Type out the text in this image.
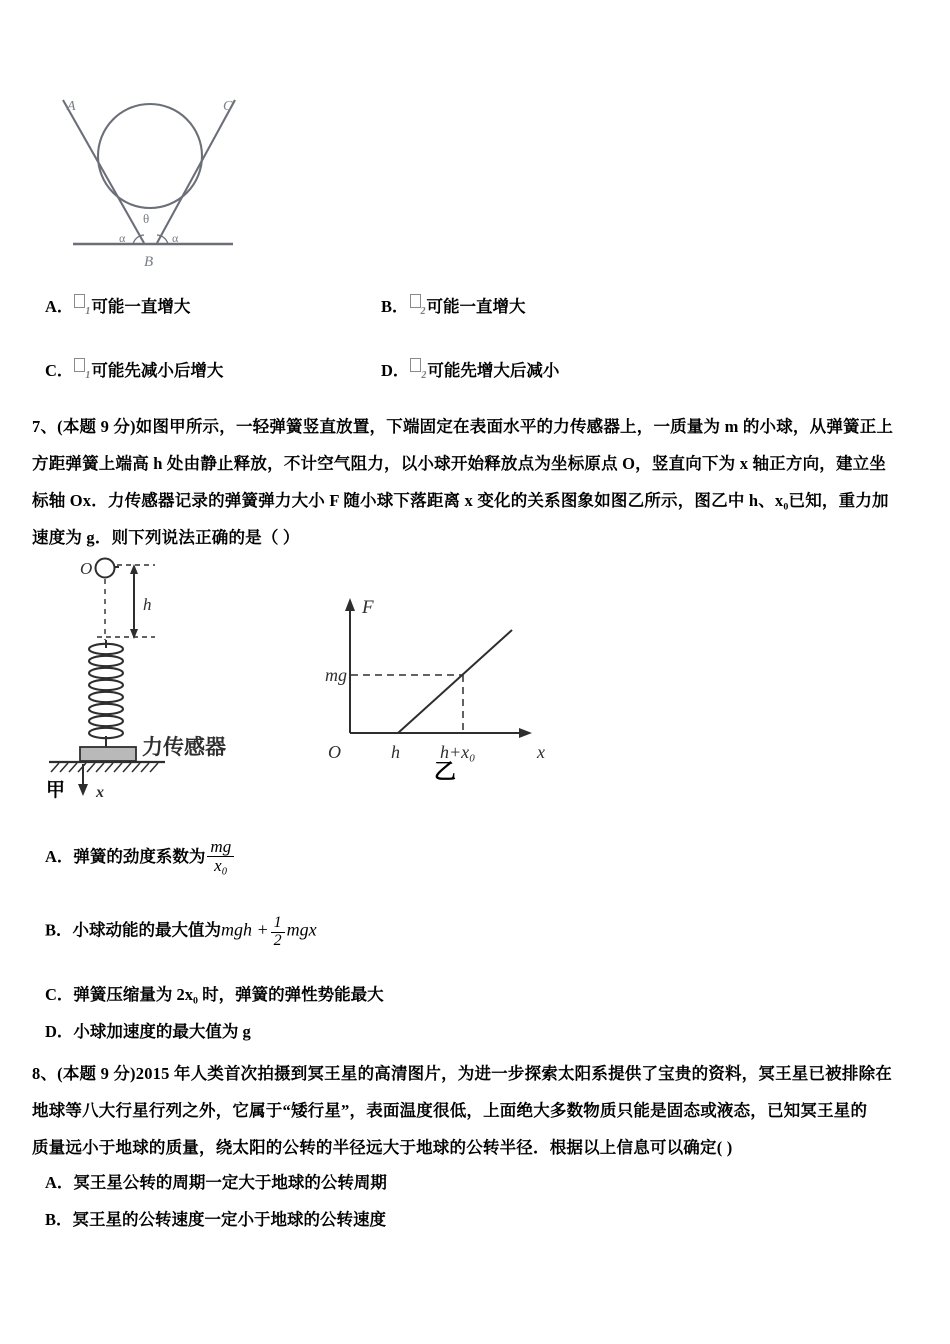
A	C
θ
α	α
B
A． 1可能一直增大	B． 2可能一直增大
C． 1可能先减小后增大	D． 2可能先增大后减小
7、(本题 9 分)如图甲所示，一轻弹簧竖直放置，下端固定在表面水平的力传感器上，一质量为 m 的小球，从弹簧正上
方距弹簧上端高 h 处由静止释放，不计空气阻力，以小球开始释放点为坐标原点 O，竖直向下为 x 轴正方向，建立坐
标轴 Ox．力传感器记录的弹簧弹力大小 F 随小球下落距离 x 变化的关系图象如图乙所示，图乙中 h、x₀已知，重力加
速度为 g．则下列说法正确的是（ ）
O
h
力传感器
x
甲
F
x
mg
O	h h+x₀
乙
A．弹簧的劲度系数为 $\frac{mg}{\text{x₀}}$
B．小球动能的最大值为mgh + $\frac{1}{2}$ mgx
C．弹簧压缩量为 2x₀ 时，弹簧的弹性势能最大
D．小球加速度的最大值为 g
8、(本题 9 分)2015 年人类首次拍摄到冥王星的高清图片，为进一步探索太阳系提供了宝贵的资料，冥王星已被排除在
地球等八大行星行列之外，它属于“矮行星”，表面温度很低，上面绝大多数物质只能是固态或液态，已知冥王星的
质量远小于地球的质量，绕太阳的公转的半径远大于地球的公转半径．根据以上信息可以确定( )
A．冥王星公转的周期一定大于地球的公转周期
B．冥王星的公转速度一定小于地球的公转速度
